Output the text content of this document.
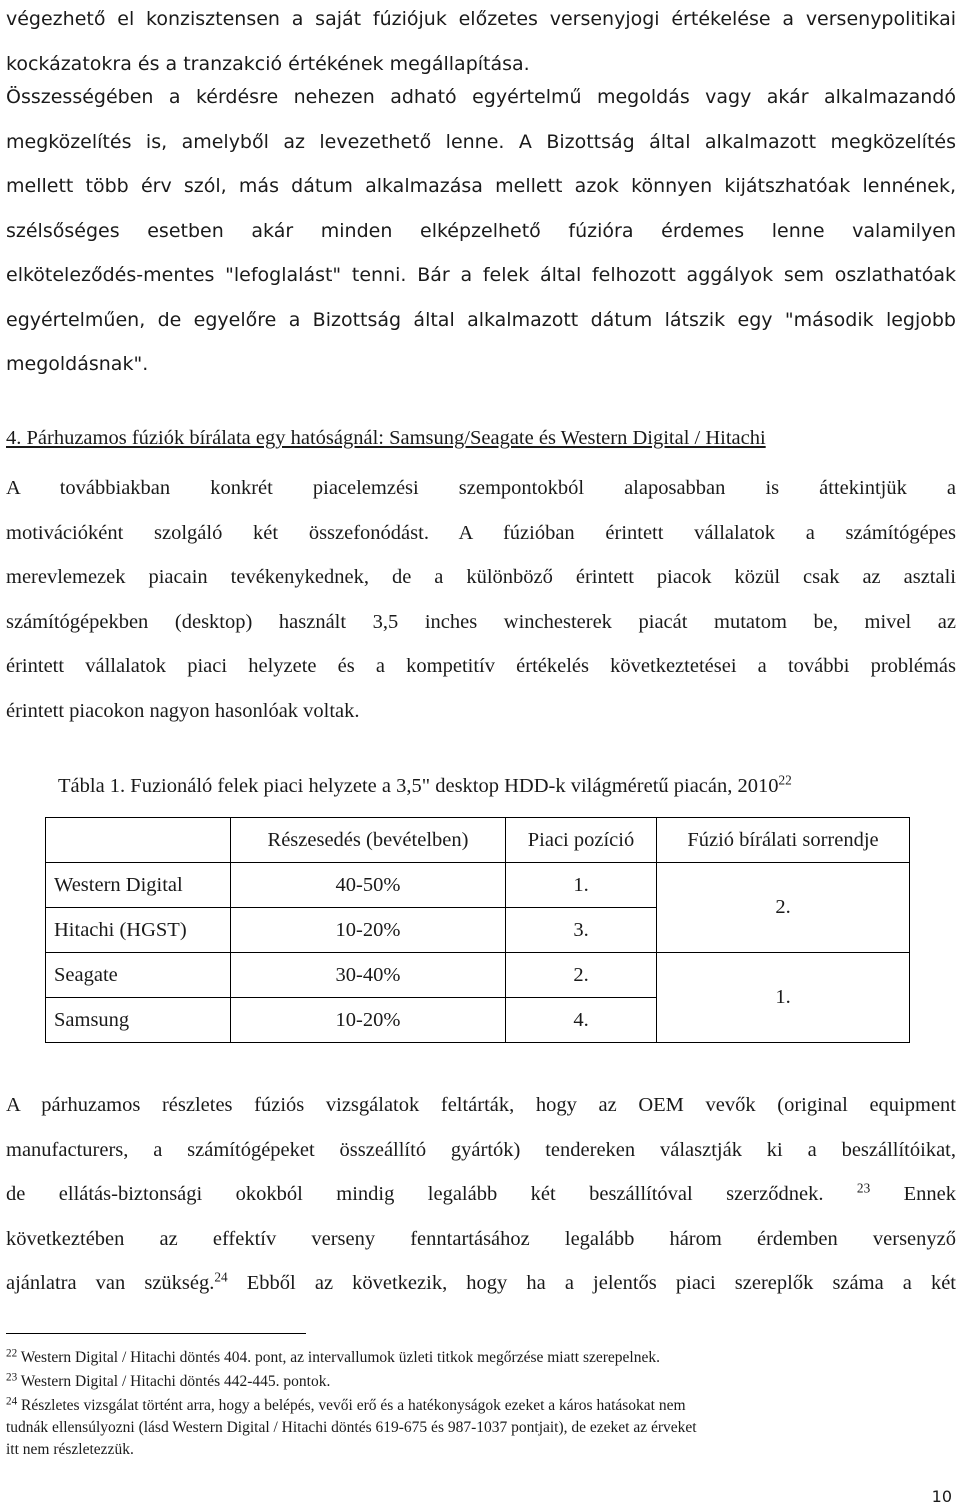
végezhető el konzisztensen a saját fúziójuk előzetes versenyjogi értékelése a versenypolitikai
kockázatokra és a tranzakció értékének megállapítása.
Összességében a kérdésre nehezen adható egyértelmű megoldás vagy akár alkalmazandó
megközelítés is, amelyből az levezethető lenne. A Bizottság által alkalmazott megközelítés
mellett több érv szól, más dátum alkalmazása mellett azok könnyen kijátszhatóak lennének,
szélsőséges esetben akár minden elképzelhető fúzióra érdemes lenne valamilyen
elköteleződés-mentes "lefoglalást" tenni. Bár a felek által felhozott aggályok sem oszlathatóak
egyértelműen, de egyelőre a Bizottság által alkalmazott dátum látszik egy "második legjobb
megoldásnak".
4. Párhuzamos fúziók bírálata egy hatóságnál: Samsung/Seagate és Western Digital / Hitachi
A továbbiakban konkrét piacelemzési szempontokból alaposabban is áttekintjük a
motivációként szolgáló két összefonódást. A fúzióban érintett vállalatok a számítógépes
merevlemezek piacain tevékenykednek, de a különböző érintett piacok közül csak az asztali
számítógépekben (desktop) használt 3,5 inches winchesterek piacát mutatom be, mivel az
érintett vállalatok piaci helyzete és a kompetitív értékelés következtetései a további problémás
érintett piacokon nagyon hasonlóak voltak.
Tábla 1. Fuzionáló felek piaci helyzete a 3,5" desktop HDD-k világméretű piacán, 2010$^{22}$
	Részesedés (bevételben)	Piaci pozíció	Fúzió bírálati sorrendje
Western Digital	40-50%	1.	2.
Hitachi (HGST)	10-20%	3.	
Seagate	30-40%	2.	1.
Samsung	10-20%	4.	
A párhuzamos részletes fúziós vizsgálatok feltárták, hogy az OEM vevők (original equipment
manufacturers, a számítógépeket összeállító gyártók) tendereken választják ki a beszállítóikat,
de ellátás-biztonsági okokból mindig legalább két beszállítóval szerződnek.	$^{23}$ Ennek
következtében az effektív verseny fenntartásához legalább három érdemben versenyző
ajánlatra van szükség.$^{24}$ Ebből az következik, hogy ha a jelentős piaci szereplők száma a két
$^{22}$ Western Digital / Hitachi döntés 404. pont, az intervallumok üzleti titkok megőrzése miatt szerepelnek.
$^{23}$ Western Digital / Hitachi döntés 442-445. pontok.
$^{24}$ Részletes vizsgálat történt arra, hogy a belépés, vevői erő és a hatékonyságok ezeket a káros hatásokat nem
tudnák ellensúlyozni (lásd Western Digital / Hitachi döntés 619-675 és 987-1037 pontjait), de ezeket az érveket
itt nem részletezzük.
10
